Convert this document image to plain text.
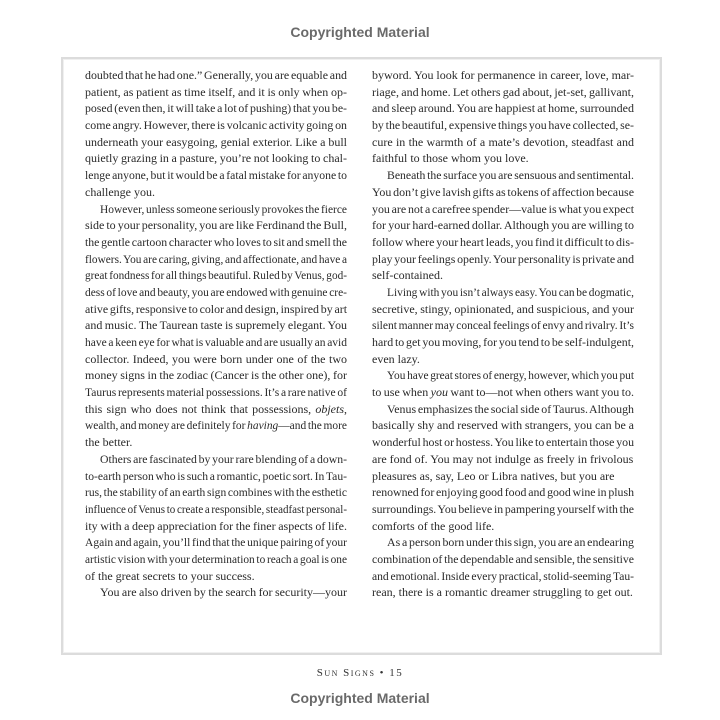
Copyrighted Material
doubted that he had one.” Generally, you are equable and
patient, as patient as time itself, and it is only when op-
posed (even then, it will take a lot of pushing) that you be-
come angry. However, there is volcanic activity going on
underneath your easygoing, genial exterior. Like a bull
quietly grazing in a pasture, you’re not looking to chal-
lenge anyone, but it would be a fatal mistake for anyone to
challenge you.
However, unless someone seriously provokes the fierce
side to your personality, you are like Ferdinand the Bull,
the gentle cartoon character who loves to sit and smell the
flowers. You are caring, giving, and affectionate, and have a
great fondness for all things beautiful. Ruled by Venus, god-
dess of love and beauty, you are endowed with genuine cre-
ative gifts, responsive to color and design, inspired by art
and music. The Taurean taste is supremely elegant. You
have a keen eye for what is valuable and are usually an avid
collector. Indeed, you were born under one of the two
money signs in the zodiac (Cancer is the other one), for
Taurus represents material possessions. It’s a rare native of
this sign who does not think that possessions, objets,
wealth, and money are definitely for having—and the more
the better.
Others are fascinated by your rare blending of a down-
to-earth person who is such a romantic, poetic sort. In Tau-
rus, the stability of an earth sign combines with the esthetic
influence of Venus to create a responsible, steadfast personal-
ity with a deep appreciation for the finer aspects of life.
Again and again, you’ll find that the unique pairing of your
artistic vision with your determination to reach a goal is one
of the great secrets to your success.
You are also driven by the search for security—your
byword. You look for permanence in career, love, mar-
riage, and home. Let others gad about, jet-set, gallivant,
and sleep around. You are happiest at home, surrounded
by the beautiful, expensive things you have collected, se-
cure in the warmth of a mate’s devotion, steadfast and
faithful to those whom you love.
Beneath the surface you are sensuous and sentimental.
You don’t give lavish gifts as tokens of affection because
you are not a carefree spender—value is what you expect
for your hard-earned dollar. Although you are willing to
follow where your heart leads, you find it difficult to dis-
play your feelings openly. Your personality is private and
self-contained.
Living with you isn’t always easy. You can be dogmatic,
secretive, stingy, opinionated, and suspicious, and your
silent manner may conceal feelings of envy and rivalry. It’s
hard to get you moving, for you tend to be self-indulgent,
even lazy.
You have great stores of energy, however, which you put
to use when you want to—not when others want you to.
Venus emphasizes the social side of Taurus. Although
basically shy and reserved with strangers, you can be a
wonderful host or hostess. You like to entertain those you
are fond of. You may not indulge as freely in frivolous
pleasures as, say, Leo or Libra natives, but you are
renowned for enjoying good food and good wine in plush
surroundings. You believe in pampering yourself with the
comforts of the good life.
As a person born under this sign, you are an endearing
combination of the dependable and sensible, the sensitive
and emotional. Inside every practical, stolid-seeming Tau-
rean, there is a romantic dreamer struggling to get out.
Sun Signs • 15
Copyrighted Material
